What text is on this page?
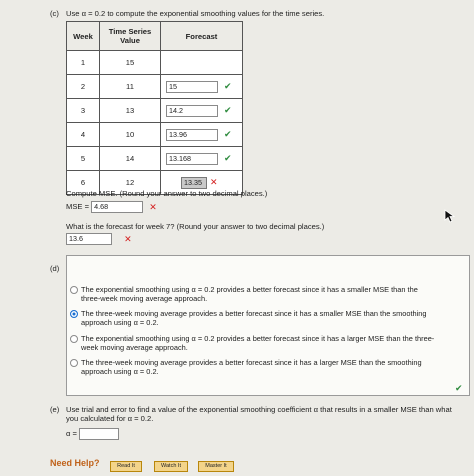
(c) Use α = 0.2 to compute the exponential smoothing values for the time series.
Week	Time Series Value	Forecast
1	15	
2	11	15 ✔
3	13	14.2 ✔
4	10	13.96 ✔
5	14	13.168 ✔
6	12	13.35 ✕
Compute MSE. (Round your answer to two decimal places.)
MSE = 4.68	✕
What is the forecast for week 7? (Round your answer to two decimal places.)
13.6	✕
(d)
The exponential smoothing using α = 0.2 provides a better forecast since it has a smaller MSE than the
three-week moving average approach.
The three-week moving average provides a better forecast since it has a smaller MSE than the smoothing
approach using α = 0.2.
The exponential smoothing using α = 0.2 provides a better forecast since it has a larger MSE than the three-
week moving average approach.
The three-week moving average provides a better forecast since it has a larger MSE than the smoothing
approach using α = 0.2.
✔
(e) Use trial and error to find a value of the exponential smoothing coefficient α that results in a smaller MSE than what
you calculated for α = 0.2.
α =
Need Help?	Read It	Watch It	Master It
